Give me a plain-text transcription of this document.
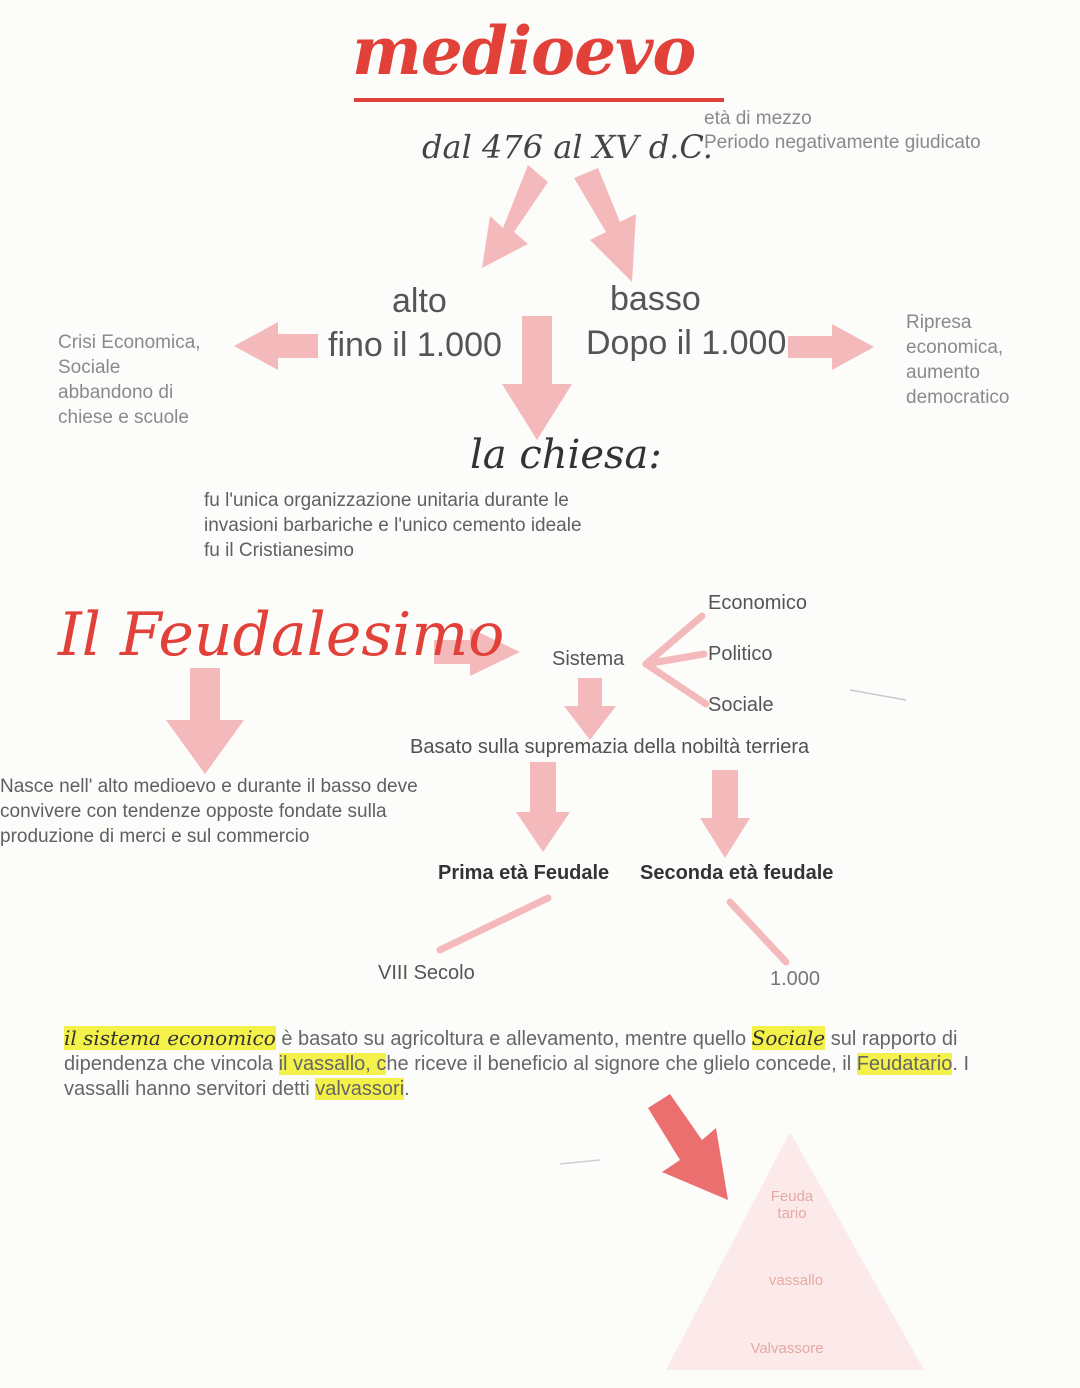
medioevo
dal 476 al XV d.C.
età di mezzo
Periodo negativamente giudicato
alto
fino il 1.000
Crisi Economica,
Sociale
abbandono di
chiese e scuole
basso
Dopo il 1.000
Ripresa
economica,
aumento
democratico
la chiesa:
fu l'unica organizzazione unitaria durante le
invasioni barbariche e l'unico cemento ideale
fu il Cristianesimo
Il Feudalesimo Sistema
Economico
Politico
Sociale
Basato sulla supremazia della nobiltà terriera
Nasce nell' alto medioevo e durante il basso deve
convivere con tendenze opposte fondate sulla
produzione di merci e sul commercio
Prima età Feudale Seconda età feudale
VIII Secolo	1.000
il sistema economico è basato su agricoltura e allevamento, mentre quello Sociale sul rapporto di dipendenza che vincola il vassallo, che riceve il beneficio al signore che glielo concede, il Feudatario. I vassalli hanno servitori detti valvassori.
Feuda
tario
vassallo
Valvassore
